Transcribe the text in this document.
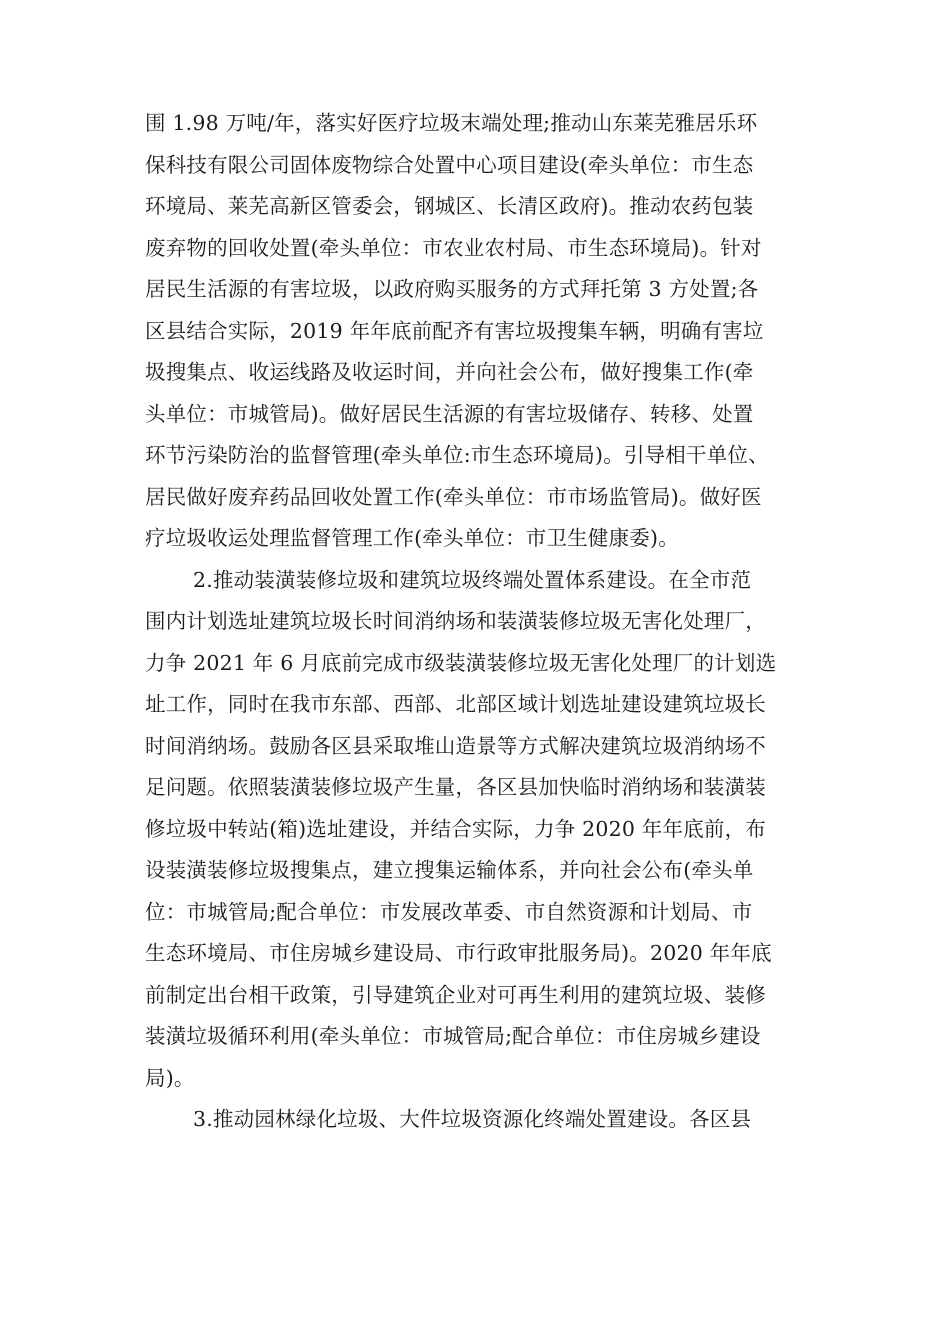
围 1.98 万吨/年，落实好医疗垃圾末端处理;推动山东莱芜雅居乐环
保科技有限公司固体废物综合处置中心项目建设(牵头单位：市生态
环境局、莱芜高新区管委会，钢城区、长清区政府)。推动农药包装
废弃物的回收处置(牵头单位：市农业农村局、市生态环境局)。针对
居民生活源的有害垃圾，以政府购买服务的方式拜托第 3 方处置;各
区县结合实际，2019 年年底前配齐有害垃圾搜集车辆，明确有害垃
圾搜集点、收运线路及收运时间，并向社会公布，做好搜集工作(牵
头单位：市城管局)。做好居民生活源的有害垃圾储存、转移、处置
环节污染防治的监督管理(牵头单位:市生态环境局)。引导相干单位、
居民做好废弃药品回收处置工作(牵头单位：市市场监管局)。做好医
疗垃圾收运处理监督管理工作(牵头单位：市卫生健康委)。
2.推动装潢装修垃圾和建筑垃圾终端处置体系建设。在全市范
围内计划选址建筑垃圾长时间消纳场和装潢装修垃圾无害化处理厂，
力争 2021 年 6 月底前完成市级装潢装修垃圾无害化处理厂的计划选
址工作，同时在我市东部、西部、北部区域计划选址建设建筑垃圾长
时间消纳场。鼓励各区县采取堆山造景等方式解决建筑垃圾消纳场不
足问题。依照装潢装修垃圾产生量，各区县加快临时消纳场和装潢装
修垃圾中转站(箱)选址建设，并结合实际，力争 2020 年年底前，布
设装潢装修垃圾搜集点，建立搜集运输体系，并向社会公布(牵头单
位：市城管局;配合单位：市发展改革委、市自然资源和计划局、市
生态环境局、市住房城乡建设局、市行政审批服务局)。2020 年年底
前制定出台相干政策，引导建筑企业对可再生利用的建筑垃圾、装修
装潢垃圾循环利用(牵头单位：市城管局;配合单位：市住房城乡建设
局)。
3.推动园林绿化垃圾、大件垃圾资源化终端处置建设。各区县
